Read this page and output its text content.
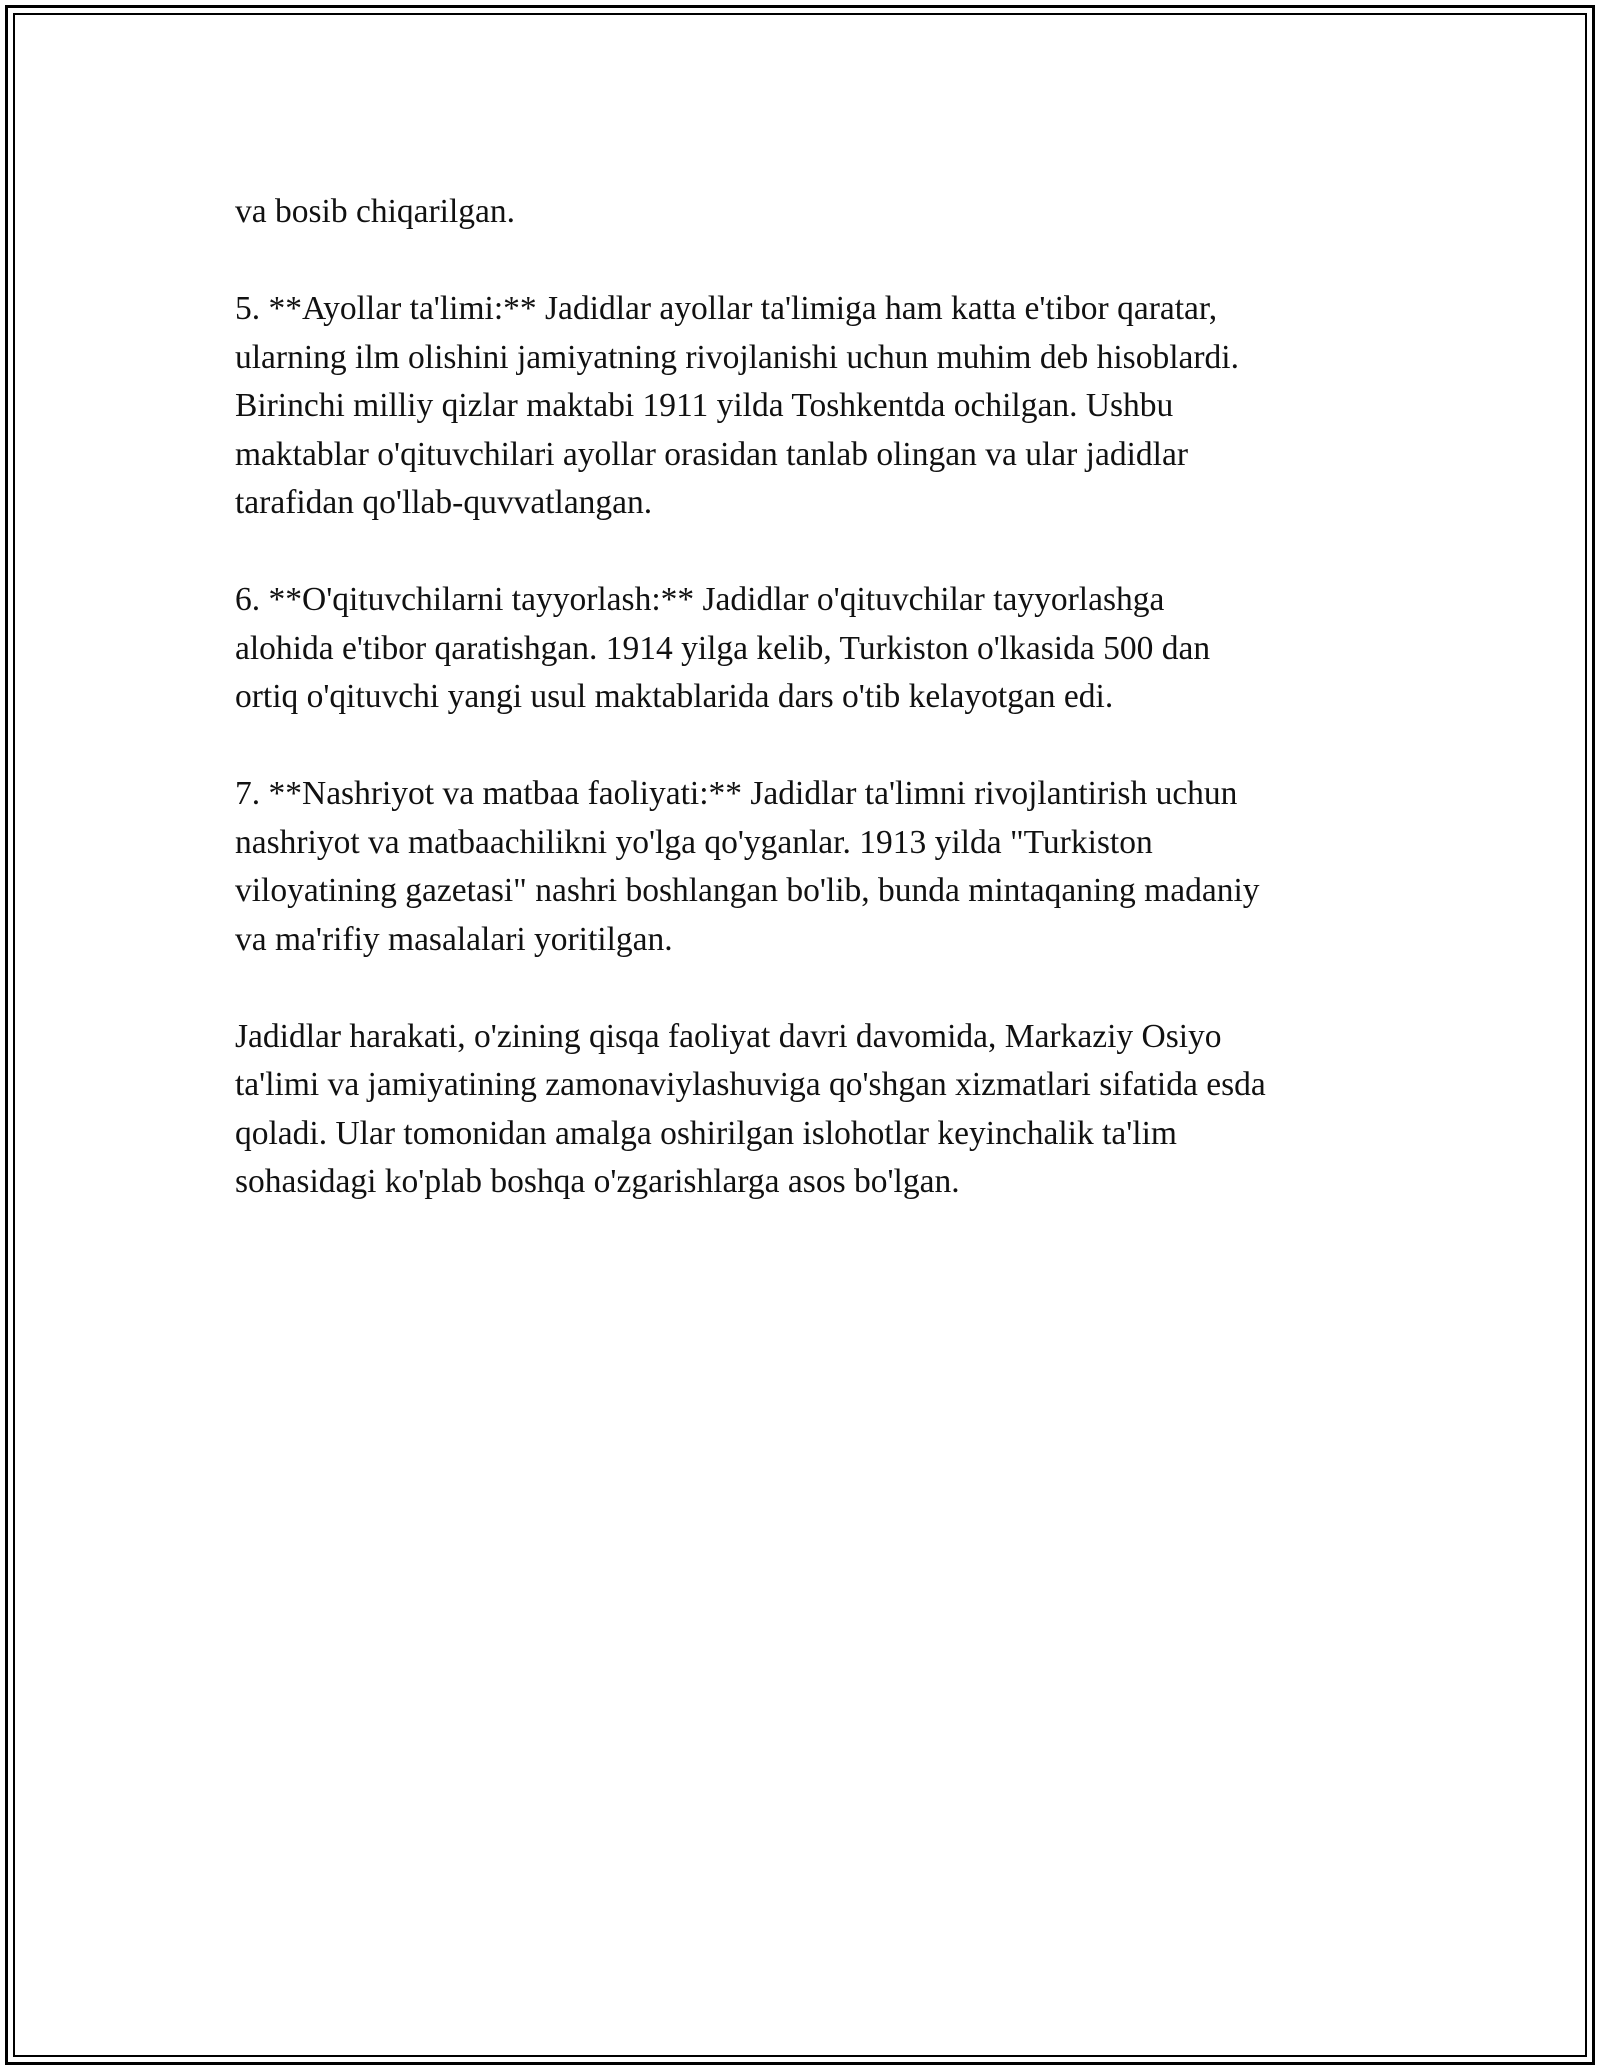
va bosib chiqarilgan.

5. **Ayollar ta'limi:** Jadidlar ayollar ta'limiga ham katta e'tibor qaratar,
ularning ilm olishini jamiyatning rivojlanishi uchun muhim deb hisoblardi.
Birinchi milliy qizlar maktabi 1911 yilda Toshkentda ochilgan. Ushbu
maktablar o'qituvchilari ayollar orasidan tanlab olingan va ular jadidlar
tarafidan qo'llab-quvvatlangan.

6. **O'qituvchilarni tayyorlash:** Jadidlar o'qituvchilar tayyorlashga
alohida e'tibor qaratishgan. 1914 yilga kelib, Turkiston o'lkasida 500 dan
ortiq o'qituvchi yangi usul maktablarida dars o'tib kelayotgan edi.

7. **Nashriyot va matbaa faoliyati:** Jadidlar ta'limni rivojlantirish uchun
nashriyot va matbaachilikni yo'lga qo'yganlar. 1913 yilda "Turkiston
viloyatining gazetasi" nashri boshlangan bo'lib, bunda mintaqaning madaniy
va ma'rifiy masalalari yoritilgan.

Jadidlar harakati, o'zining qisqa faoliyat davri davomida, Markaziy Osiyo
ta'limi va jamiyatining zamonaviylashuviga qo'shgan xizmatlari sifatida esda
qoladi. Ular tomonidan amalga oshirilgan islohotlar keyinchalik ta'lim
sohasidagi ko'plab boshqa o'zgarishlarga asos bo'lgan.
